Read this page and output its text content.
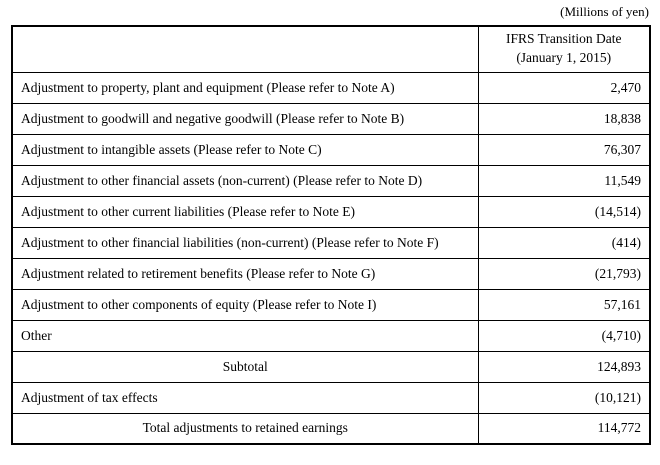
(Millions of yen)
	IFRS Transition Date
(January 1, 2015)
Adjustment to property, plant and equipment (Please refer to Note A)	2,470
Adjustment to goodwill and negative goodwill (Please refer to Note B)	18,838
Adjustment to intangible assets (Please refer to Note C)	76,307
Adjustment to other financial assets (non-current) (Please refer to Note D)	11,549
Adjustment to other current liabilities (Please refer to Note E)	(14,514)
Adjustment to other financial liabilities (non-current) (Please refer to Note F)	(414)
Adjustment related to retirement benefits (Please refer to Note G)	(21,793)
Adjustment to other components of equity (Please refer to Note I)	57,161
Other	(4,710)
Subtotal	124,893
Adjustment of tax effects	(10,121)
Total adjustments to retained earnings	114,772
